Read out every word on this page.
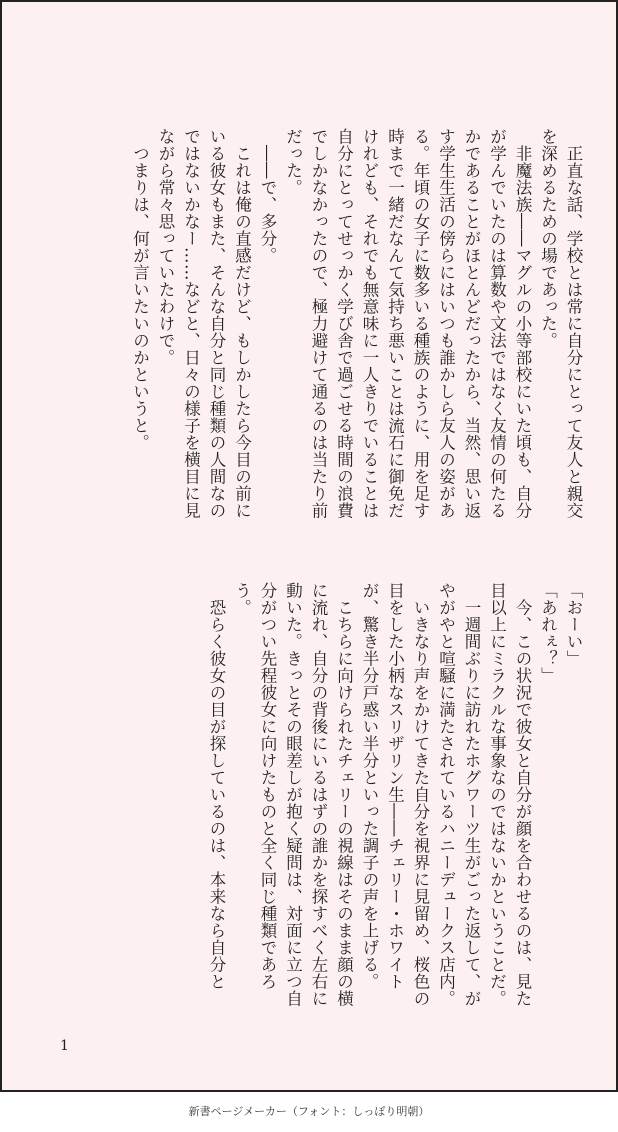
　正直な話、学校とは常に自分にとって友人と親交を深めるための場であった。

　非魔法族――マグルの小等部校にいた頃も、自分が学んでいたのは算数や文法ではなく友情の何たるかであることがほとんどだったから、当然、思い返す学生生活の傍らにはいつも誰かしら友人の姿がある。年頃の女子に数多いる種族のように、用を足す時まで一緒だなんて気持ち悪いことは流石に御免だけれども、それでも無意味に一人きりでいることは自分にとってせっかく学び舎で過ごせる時間の浪費でしかなかったので、極力避けて通るのは当たり前だった。

　――で、多分。

　これは俺の直感だけど、もしかしたら今目の前にいる彼女もまた、そんな自分と同じ種類の人間なのではないかなー……などと、日々の様子を横目に見ながら常々思っていたわけで。

　つまりは、何が言いたいのかというと。

「おーい」

「あれぇ？」

　今、この状況で彼女と自分が顔を合わせるのは、見た目以上にミラクルな事象なのではないかということだ。

　一週間ぶりに訪れたホグワーツ生がごった返して、がやがやと喧騒に満たされているハニーデュークス店内。

　いきなり声をかけてきた自分を視界に見留め、桜色の目をした小柄なスリザリン生――チェリー・ホワイトが、驚き半分戸惑い半分といった調子の声を上げる。

　こちらに向けられたチェリーの視線はそのまま顔の横に流れ、自分の背後にいるはずの誰かを探すべく左右に動いた。きっとその眼差しが抱く疑問は、対面に立つ自分がつい先程彼女に向けたものと全く同じ種類であろう。

　恐らく彼女の目が探しているのは、本来なら自分と

1
新書ページメーカー（フォント：しっぽり明朝）
